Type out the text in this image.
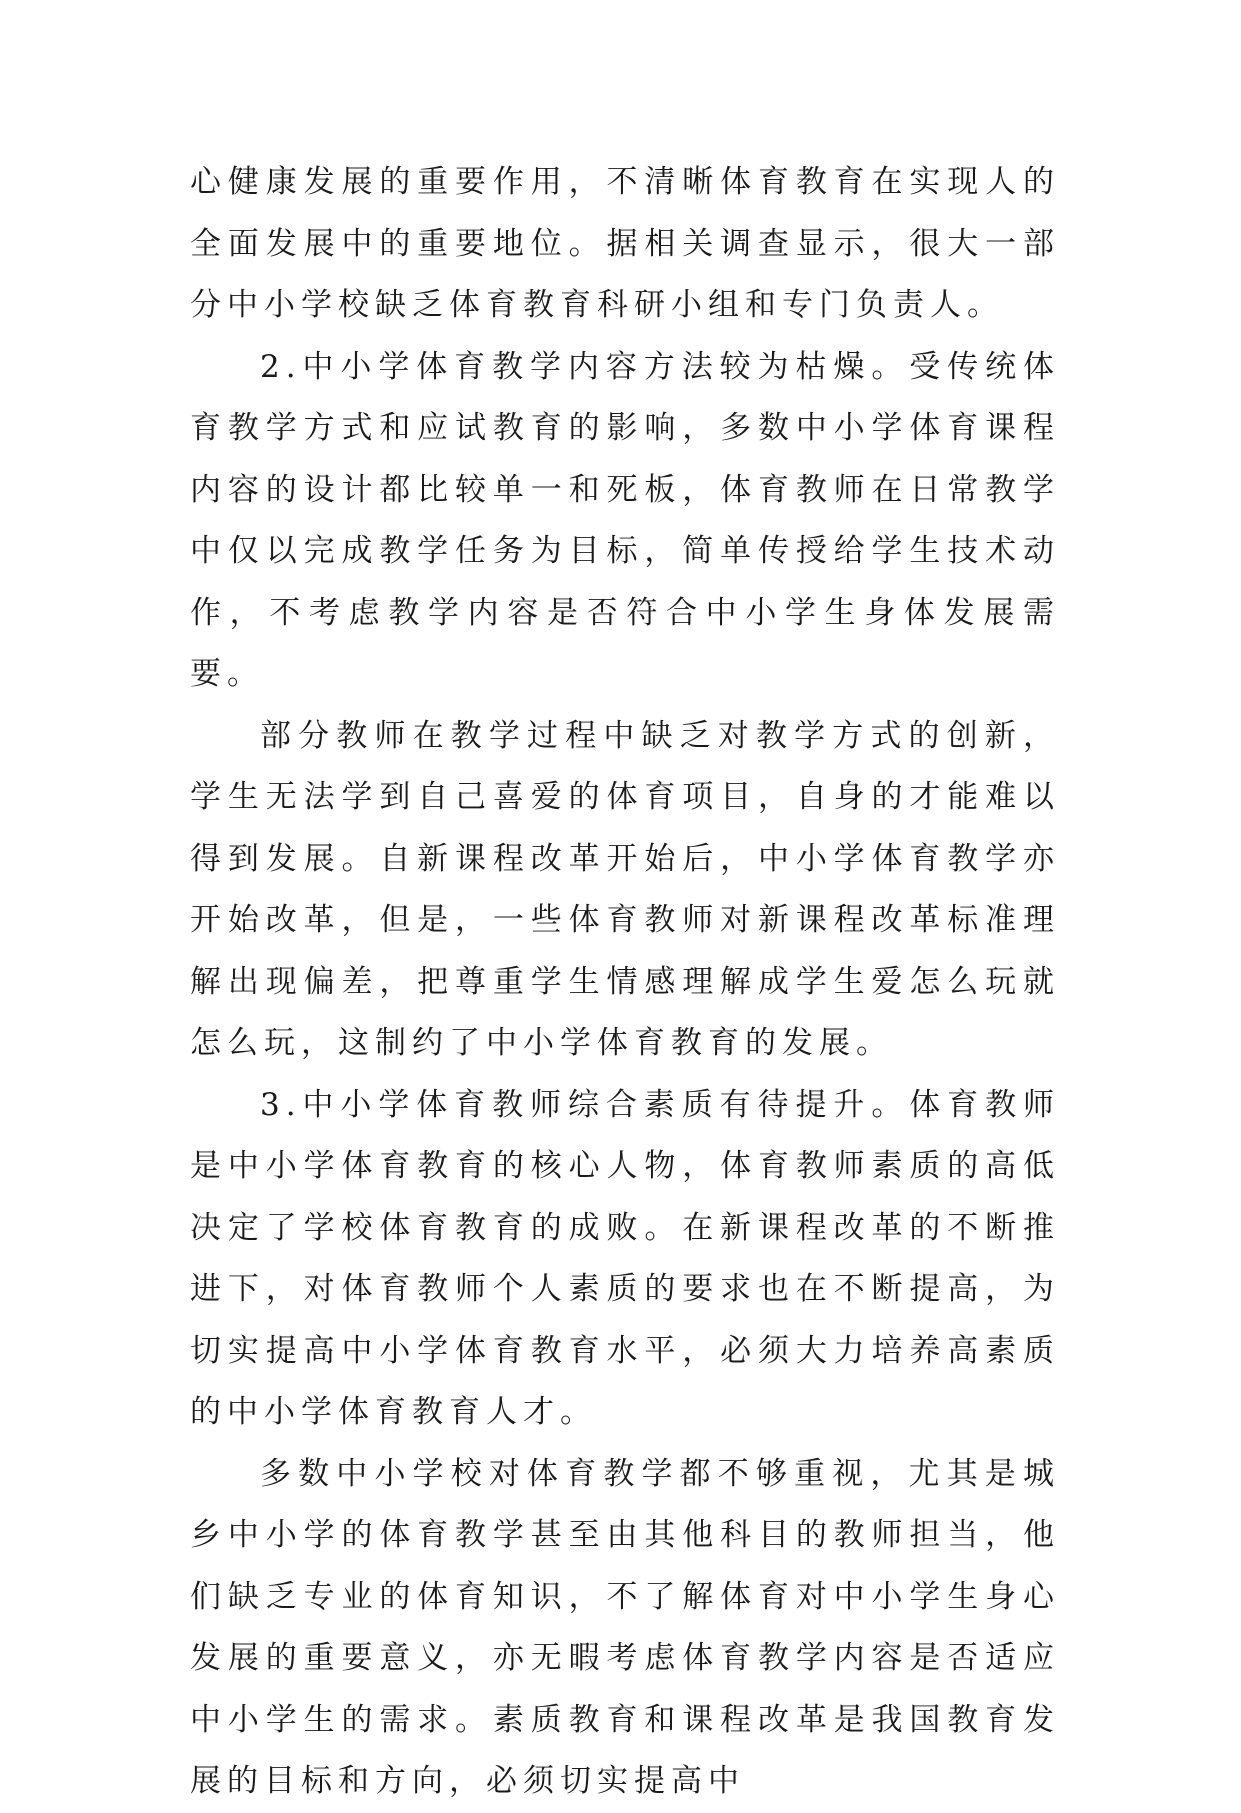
心健康发展的重要作用，不清晰体育教育在实现人的全面发展中的重要地位。据相关调查显示，很大一部分中小学校缺乏体育教育科研小组和专门负责人。

2.中小学体育教学内容方法较为枯燥。受传统体育教学方式和应试教育的影响，多数中小学体育课程内容的设计都比较单一和死板，体育教师在日常教学中仅以完成教学任务为目标，简单传授给学生技术动作，不考虑教学内容是否符合中小学生身体发展需要。

部分教师在教学过程中缺乏对教学方式的创新，学生无法学到自己喜爱的体育项目，自身的才能难以得到发展。自新课程改革开始后，中小学体育教学亦开始改革，但是，一些体育教师对新课程改革标准理解出现偏差，把尊重学生情感理解成学生爱怎么玩就怎么玩，这制约了中小学体育教育的发展。

3.中小学体育教师综合素质有待提升。体育教师是中小学体育教育的核心人物，体育教师素质的高低决定了学校体育教育的成败。在新课程改革的不断推进下，对体育教师个人素质的要求也在不断提高，为切实提高中小学体育教育水平，必须大力培养高素质的中小学体育教育人才。

多数中小学校对体育教学都不够重视，尤其是城乡中小学的体育教学甚至由其他科目的教师担当，他们缺乏专业的体育知识，不了解体育对中小学生身心发展的重要意义，亦无暇考虑体育教学内容是否适应中小学生的需求。素质教育和课程改革是我国教育发展的目标和方向，必须切实提高中
